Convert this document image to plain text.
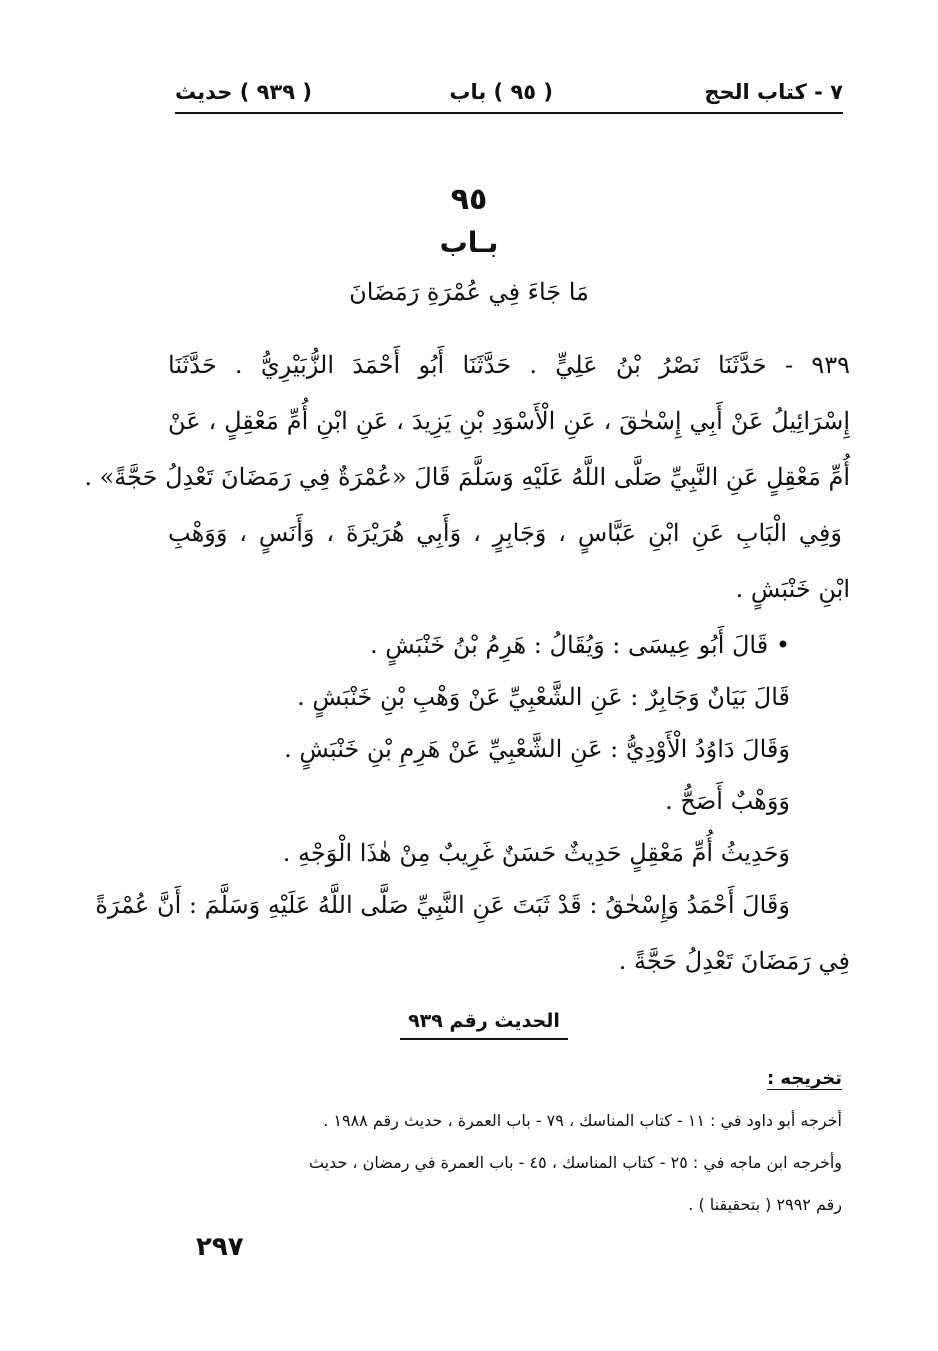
٧ - كتاب الحج
( ٩٥ ) باب
( ٩٣٩ ) حديث
٩٥
بـاب
مَا جَاءَ فِي عُمْرَةِ رَمَضَانَ
٩٣٩ - حَدَّثَنَا نَصْرُ بْنُ عَلِيٍّ . حَدَّثَنَا أَبُو أَحْمَدَ الزُّبَيْرِيُّ . حَدَّثَنَا
إِسْرَائِيلُ عَنْ أَبِي إِسْحٰقَ ، عَنِ الْأَسْوَدِ بْنِ يَزِيدَ ، عَنِ ابْنِ أُمِّ مَعْقِلٍ ، عَنْ
أُمِّ مَعْقِلٍ عَنِ النَّبِيِّ صَلَّى اللَّهُ عَلَيْهِ وَسَلَّمَ قَالَ «عُمْرَةٌ فِي رَمَضَانَ تَعْدِلُ حَجَّةً» .
وَفِي الْبَابِ عَنِ ابْنِ عَبَّاسٍ ، وَجَابِرٍ ، وَأَبِي هُرَيْرَةَ ، وَأَنَسٍ ، وَوَهْبِ
ابْنِ خَنْبَشٍ .
• قَالَ أَبُو عِيسَى : وَيُقَالُ : هَرِمُ بْنُ خَنْبَشٍ .
قَالَ بَيَانٌ وَجَابِرٌ : عَنِ الشَّعْبِيِّ عَنْ وَهْبِ بْنِ خَنْبَشٍ .
وَقَالَ دَاوُدُ الْأَوْدِيُّ : عَنِ الشَّعْبِيِّ عَنْ هَرِمِ بْنِ خَنْبَشٍ .
وَوَهْبٌ أَصَحُّ .
وَحَدِيثُ أُمِّ مَعْقِلٍ حَدِيثٌ حَسَنٌ غَرِيبٌ مِنْ هٰذَا الْوَجْهِ .
وَقَالَ أَحْمَدُ وَإِسْحٰقُ : قَدْ ثَبَتَ عَنِ النَّبِيِّ صَلَّى اللَّهُ عَلَيْهِ وَسَلَّمَ : أَنَّ عُمْرَةً
فِي رَمَضَانَ تَعْدِلُ حَجَّةً .
الحديث رقم ٩٣٩
تخريجه :
أخرجه أبو داود في : ١١ - كتاب المناسك ، ٧٩ - باب العمرة ، حديث رقم ١٩٨٨ .
وأخرجه ابن ماجه في : ٢٥ - كتاب المناسك ، ٤٥ - باب العمرة في رمضان ، حديث
رقم ٢٩٩٢ ( بتحقيقنا ) .
٢٩٧
